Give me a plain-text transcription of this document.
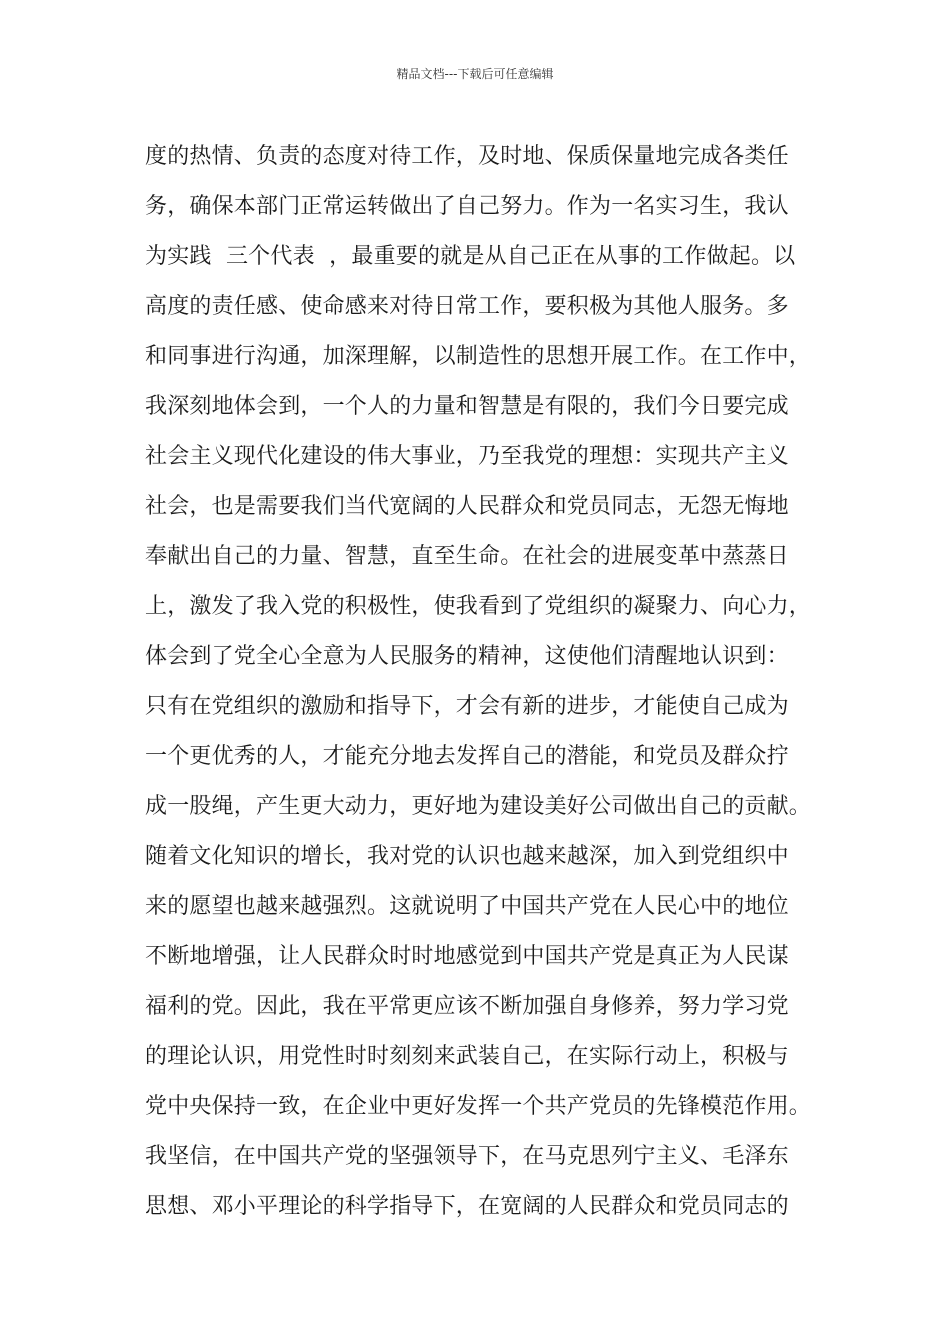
精品文档---下载后可任意编辑
度的热情、负责的态度对待工作，及时地、保质保量地完成各类任
务，确保本部门正常运转做出了自己努力。作为一名实习生，我认
为实践  三个代表  ，最重要的就是从自己正在从事的工作做起。以
高度的责任感、使命感来对待日常工作，要积极为其他人服务。多
和同事进行沟通，加深理解，以制造性的思想开展工作。在工作中，
我深刻地体会到，一个人的力量和智慧是有限的，我们今日要完成
社会主义现代化建设的伟大事业，乃至我党的理想：实现共产主义
社会，也是需要我们当代宽阔的人民群众和党员同志，无怨无悔地
奉献出自己的力量、智慧，直至生命。在社会的进展变革中蒸蒸日
上，激发了我入党的积极性，使我看到了党组织的凝聚力、向心力，
体会到了党全心全意为人民服务的精神，这使他们清醒地认识到：
只有在党组织的激励和指导下，才会有新的进步，才能使自己成为
一个更优秀的人，才能充分地去发挥自己的潜能，和党员及群众拧
成一股绳，产生更大动力，更好地为建设美好公司做出自己的贡献。
随着文化知识的增长，我对党的认识也越来越深，加入到党组织中
来的愿望也越来越强烈。这就说明了中国共产党在人民心中的地位
不断地增强，让人民群众时时地感觉到中国共产党是真正为人民谋
福利的党。因此，我在平常更应该不断加强自身修养，努力学习党
的理论认识，用党性时时刻刻来武装自己，在实际行动上，积极与
党中央保持一致，在企业中更好发挥一个共产党员的先锋模范作用。
我坚信，在中国共产党的坚强领导下，在马克思列宁主义、毛泽东
思想、邓小平理论的科学指导下，在宽阔的人民群众和党员同志的
